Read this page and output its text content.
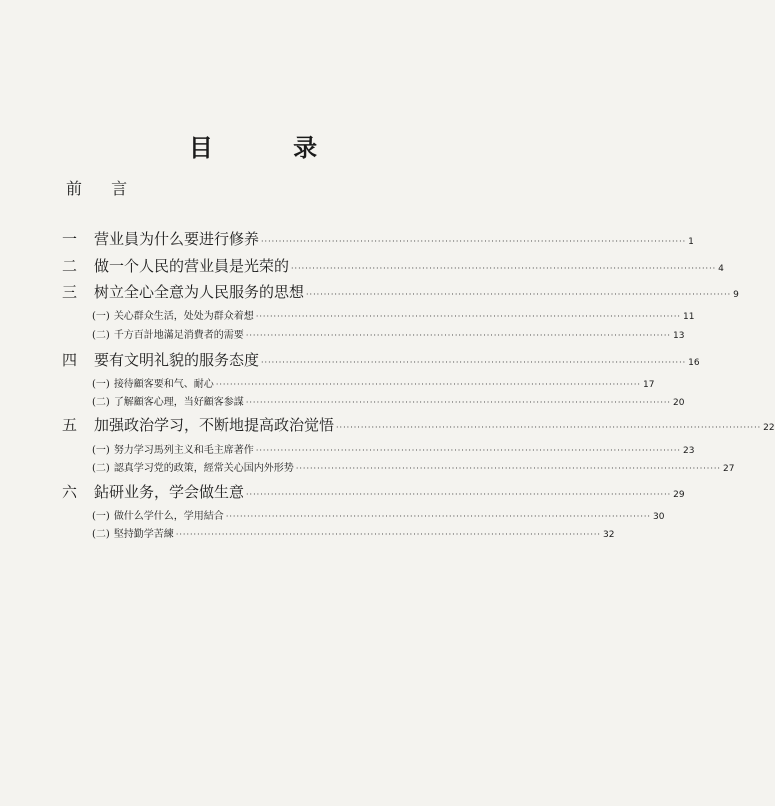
目 录
前 言
一	营业員为什么要进行修养 ························································································································ 1
二	做一个人民的营业員是光荣的 ························································································································ 4
三	树立全心全意为人民服务的思想 ························································································································ 9
(一) 关心群众生活，处处为群众着想 ························································································································ 11
(二) 千方百計地滿足消費者的需要 ························································································································ 13
四	要有文明礼貌的服务态度 ························································································································ 16
(一) 接待顧客要和气、耐心 ························································································································ 17
(二) 了解顧客心理，当好顧客参謀 ························································································································ 20
五	加强政治学习，不断地提高政治觉悟 ························································································································ 22
(一) 努力学习馬列主义和毛主席著作 ························································································································ 23
(二) 認真学习党的政策，經常关心国内外形势 ························································································································ 27
六	鉆研业务，学会做生意 ························································································································ 29
(一) 做什么学什么，学用結合 ························································································································ 30
(二) 堅持勤学苦練 ························································································································ 32
